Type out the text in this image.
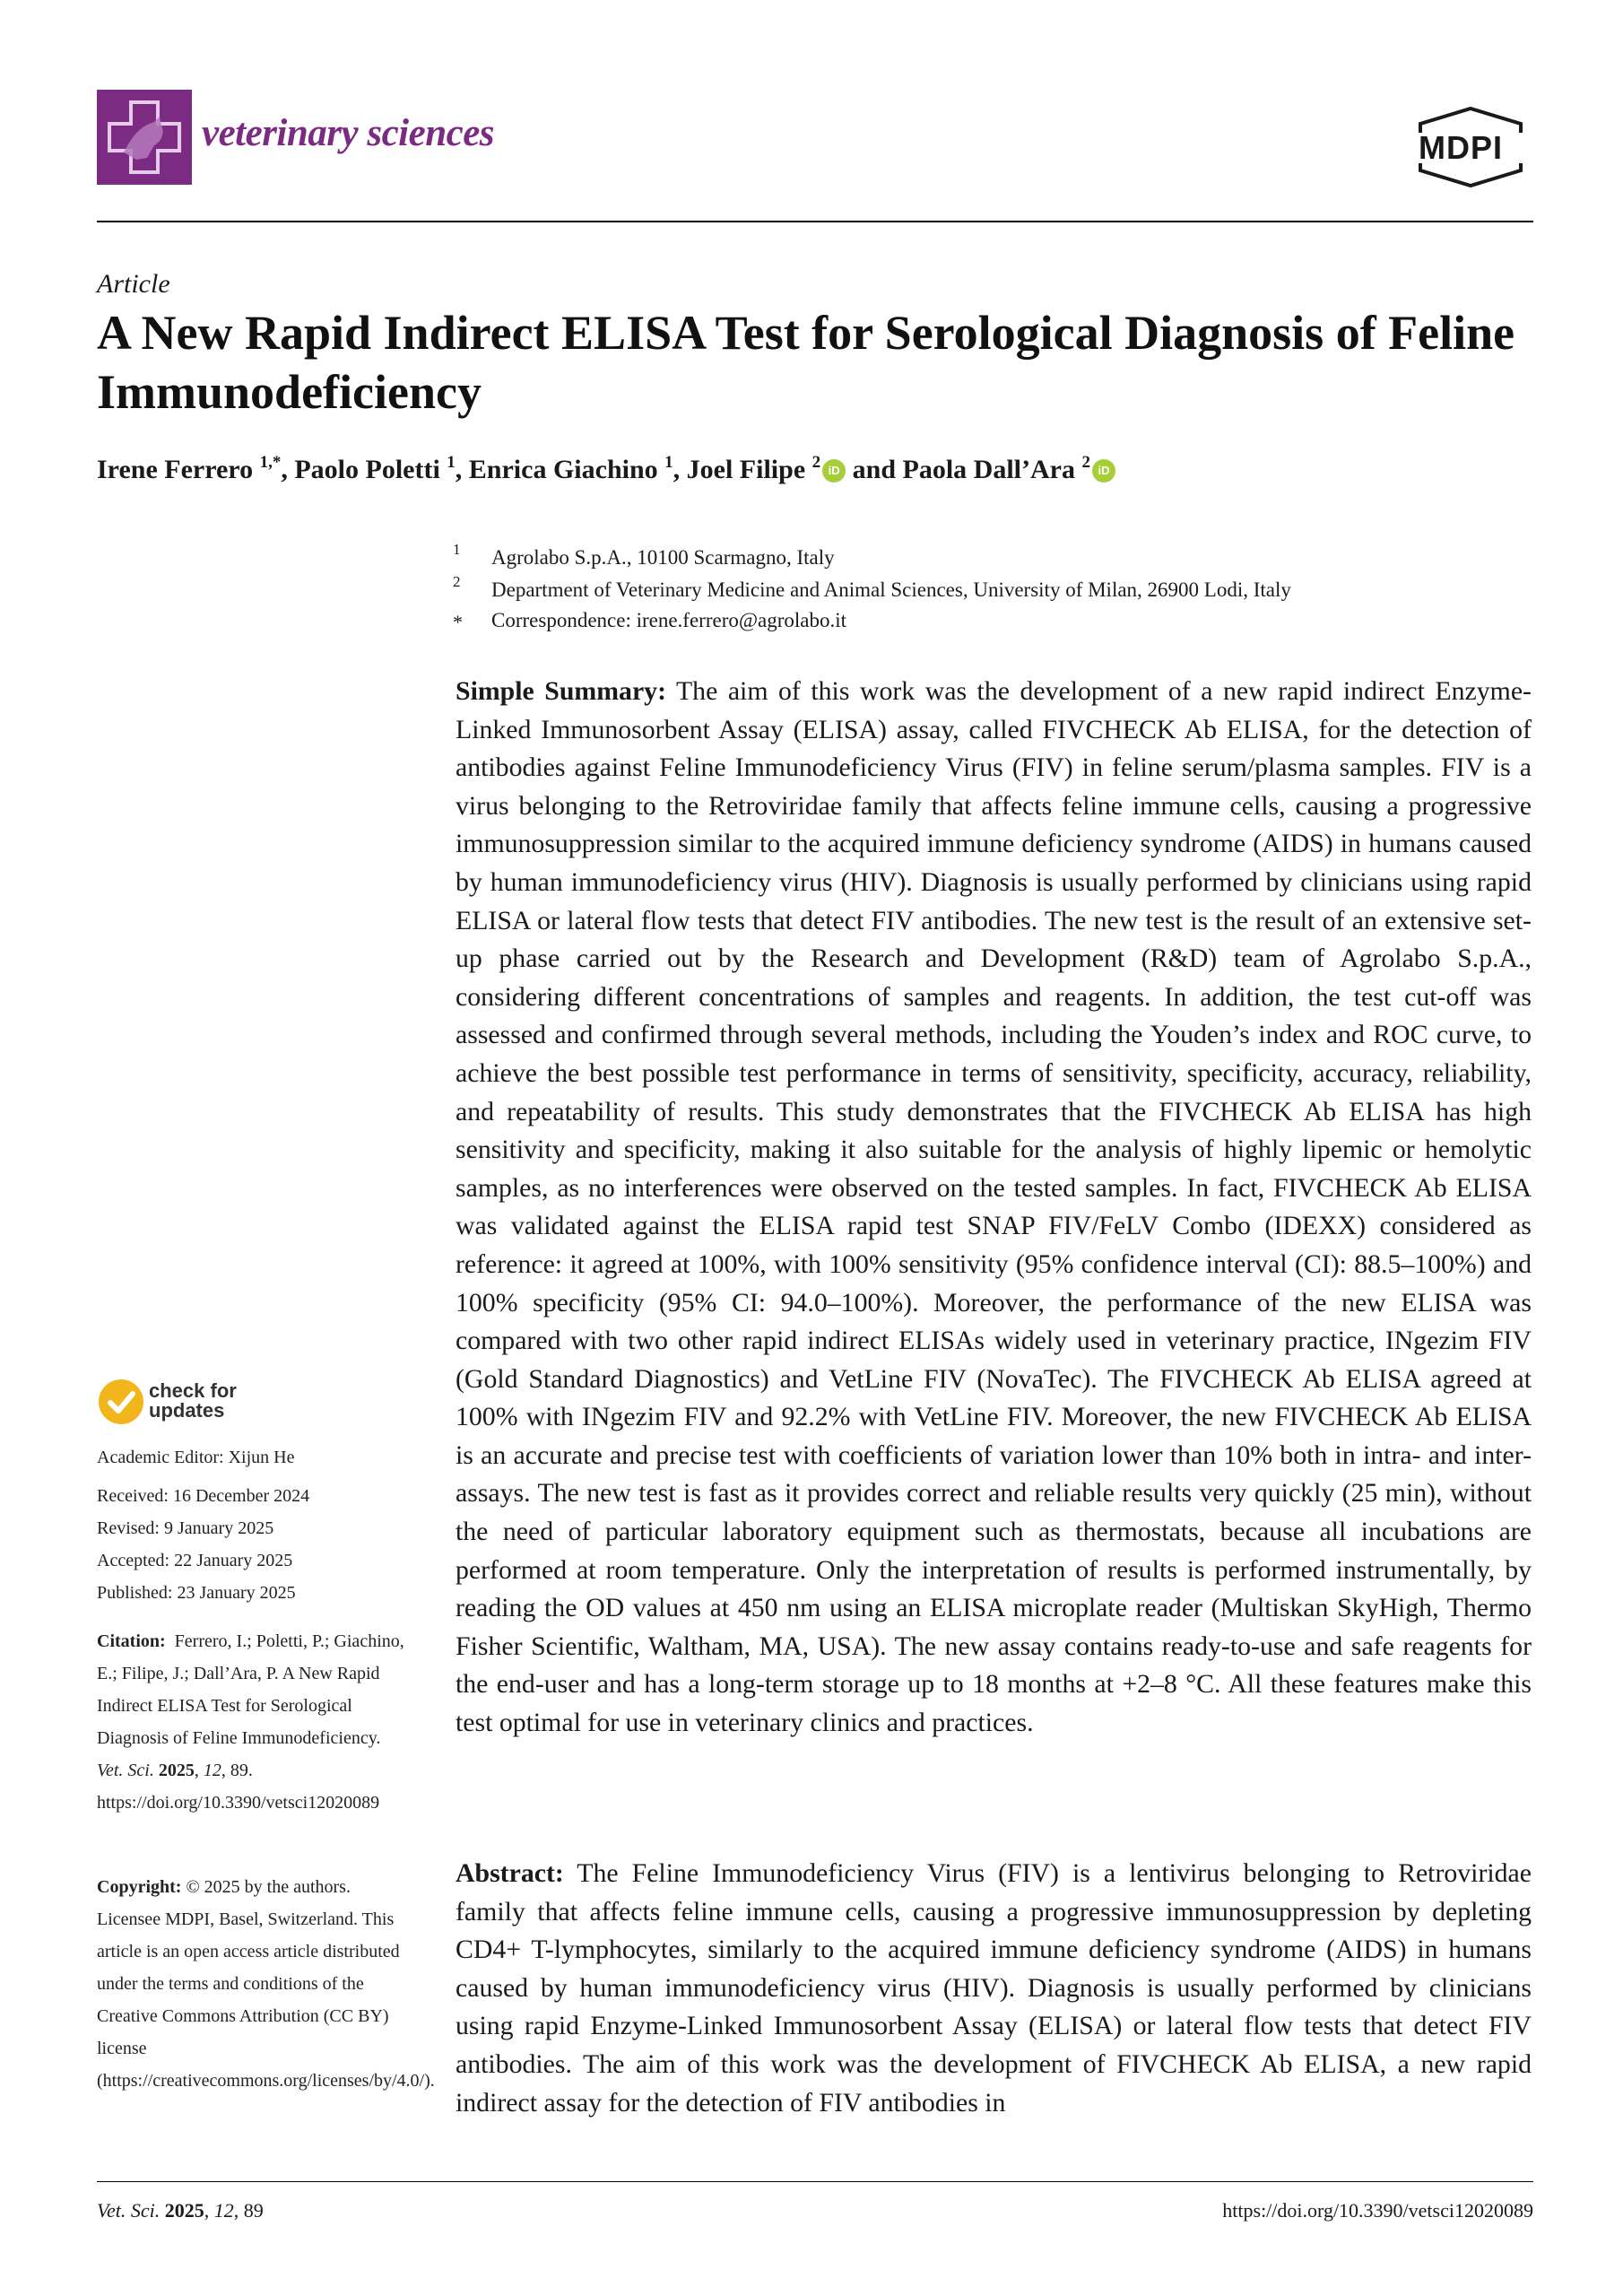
veterinary sciences	MDPI
Article
A New Rapid Indirect ELISA Test for Serological Diagnosis of Feline Immunodeficiency
Irene Ferrero $^{1,*}$, Paolo Poletti $^1$, Enrica Giachino $^1$, Joel Filipe $^2$ iD and Paola Dall’Ara $^2$ iD
1 Agrolabo S.p.A., 10100 Scarmagno, Italy
2 Department of Veterinary Medicine and Animal Sciences, University of Milan, 26900 Lodi, Italy
* Correspondence: irene.ferrero@agrolabo.it
Simple Summary: The aim of this work was the development of a new rapid indirect Enzyme-Linked Immunosorbent Assay (ELISA) assay, called FIVCHECK Ab ELISA, for the detection of antibodies against Feline Immunodeficiency Virus (FIV) in feline serum/plasma samples. FIV is a virus belonging to the Retroviridae family that affects feline immune cells, causing a progressive immunosuppression similar to the acquired immune deficiency syndrome (AIDS) in humans caused by human immunodeficiency virus (HIV). Diagnosis is usually performed by clinicians using rapid ELISA or lateral flow tests that detect FIV antibodies. The new test is the result of an extensive set-up phase carried out by the Research and Development (R&D) team of Agrolabo S.p.A., considering different concentrations of samples and reagents. In addition, the test cut-off was assessed and confirmed through several methods, including the Youden’s index and ROC curve, to achieve the best possible test performance in terms of sensitivity, specificity, accuracy, reliability, and repeatability of results. This study demonstrates that the FIVCHECK Ab ELISA has high sensitivity and specificity, making it also suitable for the analysis of highly lipemic or hemolytic samples, as no interferences were observed on the tested samples. In fact, FIVCHECK Ab ELISA was validated against the ELISA rapid test SNAP FIV/FeLV Combo (IDEXX) considered as reference: it agreed at 100%, with 100% sensitivity (95% confidence interval (CI): 88.5–100%) and 100% specificity (95% CI: 94.0–100%). Moreover, the performance of the new ELISA was compared with two other rapid indirect ELISAs widely used in veterinary practice, INgezim FIV (Gold Standard Diagnostics) and VetLine FIV (NovaTec). The FIVCHECK Ab ELISA agreed at 100% with INgezim FIV and 92.2% with VetLine FIV. Moreover, the new FIVCHECK Ab ELISA is an accurate and precise test with coefficients of variation lower than 10% both in intra- and inter-assays. The new test is fast as it provides correct and reliable results very quickly (25 min), without the need of particular laboratory equipment such as thermostats, because all incubations are performed at room temperature. Only the interpretation of results is performed instrumentally, by reading the OD values at 450 nm using an ELISA microplate reader (Multiskan SkyHigh, Thermo Fisher Scientific, Waltham, MA, USA). The new assay contains ready-to-use and safe reagents for the end-user and has a long-term storage up to 18 months at +2–8 °C. All these features make this test optimal for use in veterinary clinics and practices.
Abstract: The Feline Immunodeficiency Virus (FIV) is a lentivirus belonging to Retroviridae family that affects feline immune cells, causing a progressive immunosuppression by depleting CD4+ T-lymphocytes, similarly to the acquired immune deficiency syndrome (AIDS) in humans caused by human immunodeficiency virus (HIV). Diagnosis is usually performed by clinicians using rapid Enzyme-Linked Immunosorbent Assay (ELISA) or lateral flow tests that detect FIV antibodies. The aim of this work was the development of FIVCHECK Ab ELISA, a new rapid indirect assay for the detection of FIV antibodies in
check for
updates
Academic Editor: Xijun He
Received: 16 December 2024
Revised: 9 January 2025
Accepted: 22 January 2025
Published: 23 January 2025
Citation: Ferrero, I.; Poletti, P.; Giachino, E.; Filipe, J.; Dall’Ara, P. A New Rapid Indirect ELISA Test for Serological Diagnosis of Feline Immunodeficiency. Vet. Sci. 2025, 12, 89. https://doi.org/10.3390/vetsci12020089
Copyright: © 2025 by the authors. Licensee MDPI, Basel, Switzerland. This article is an open access article distributed under the terms and conditions of the Creative Commons Attribution (CC BY) license (https://creativecommons.org/licenses/by/4.0/).
Vet. Sci. 2025, 12, 89	https://doi.org/10.3390/vetsci12020089
